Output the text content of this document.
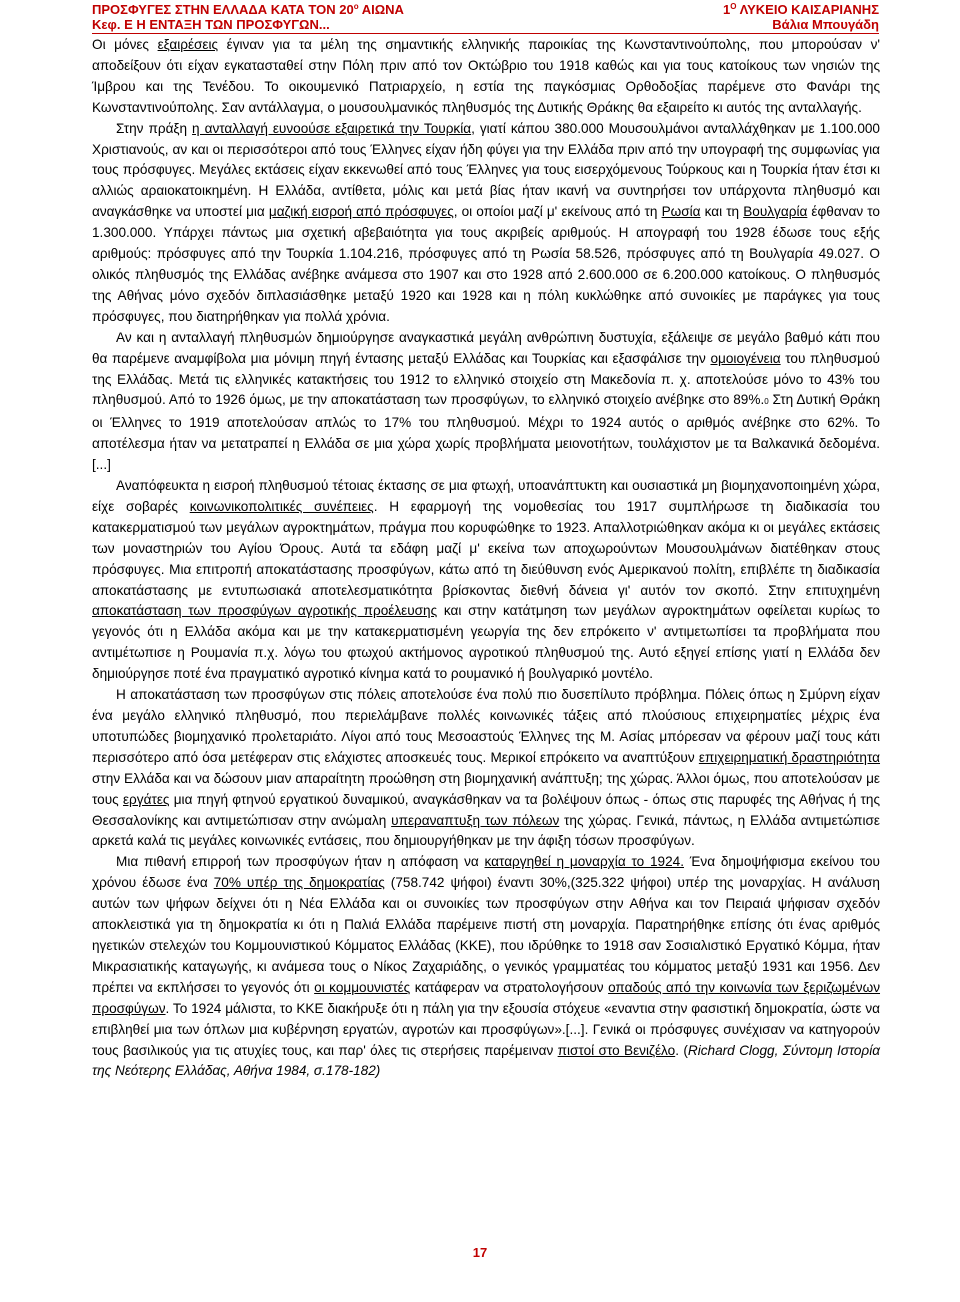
ΠΡΟΣΦΥΓΕΣ ΣΤΗΝ ΕΛΛΑΔΑ ΚΑΤΑ ΤΟΝ $20^o$ ΑΙΩΝΑ
Κεφ. Ε Η ΕΝΤΑΞΗ ΤΩΝ ΠΡΟΣΦΥΓΩΝ...
$1^O$ ΛΥΚΕΙΟ ΚΑΙΣΑΡΙΑΝΗΣ
Βάλια Μπουγάδη

Οι μόνες εξαιρέσεις έγιναν για τα μέλη της σημαντικής ελληνικής παροικίας της Κωνσταντινούπολης, που μπορούσαν ν' αποδείξουν ότι είχαν εγκατασταθεί στην Πόλη πριν από τον Οκτώβριο του 1918 καθώς και για τους κατοίκους των νησιών της Ίμβρου και της Τενέδου. Το οικουμενικό Πατριαρχείο, η εστία της παγκόσμιας Ορθοδοξίας παρέμενε στο Φανάρι της Κωνσταντινούπολης. Σαν αντάλλαγμα, ο μουσουλμανικός πληθυσμός της Δυτικής Θράκης θα εξαιρείτο κι αυτός της ανταλλαγής.

Στην πράξη η ανταλλαγή ευνοούσε εξαιρετικά την Τουρκία, γιατί κάπου 380.000 Μουσουλμάνοι ανταλλάχθηκαν με 1.100.000 Χριστιανούς, αν και οι περισσότεροι από τους Έλληνες είχαν ήδη φύγει για την Ελλάδα πριν από την υπογραφή της συμφωνίας για τους πρόσφυγες. Μεγάλες εκτάσεις είχαν εκκενωθεί από τους Έλληνες για τους εισερχόμενους Τούρκους και η Τουρκία ήταν έτσι κι αλλιώς αραιοκατοικημένη. Η Ελλάδα, αντίθετα, μόλις και μετά βίας ήταν ικανή να συντηρήσει τον υπάρχοντα πληθυσμό και αναγκάσθηκε να υποστεί μια μαζική εισροή από πρόσφυγες, οι οποίοι μαζί μ' εκείνους από τη Ρωσία και τη Βουλγαρία έφθαναν το 1.300.000. Υπάρχει πάντως μια σχετική αβεβαιότητα για τους ακριβείς αριθμούς. Η απογραφή του 1928 έδωσε τους εξής αριθμούς: πρόσφυγες από την Τουρκία 1.104.216, πρόσφυγες από τη Ρωσία 58.526, πρόσφυγες από τη Βουλγαρία 49.027. Ο ολικός πληθυσμός της Ελλάδας ανέβηκε ανάμεσα στο 1907 και στο 1928 από 2.600.000 σε 6.200.000 κατοίκους. Ο πληθυσμός της Αθήνας μόνο σχεδόν διπλασιάσθηκε μεταξύ 1920 και 1928 και η πόλη κυκλώθηκε από συνοικίες με παράγκες για τους πρόσφυγες, που διατηρήθηκαν για πολλά χρόνια.

Αν και η ανταλλαγή πληθυσμών δημιούργησε αναγκαστικά μεγάλη ανθρώπινη δυστυχία, εξάλειψε σε μεγάλο βαθμό κάτι που θα παρέμενε αναμφίβολα μια μόνιμη πηγή έντασης μεταξύ Ελλάδας και Τουρκίας και εξασφάλισε την ομοιογένεια του πληθυσμού της Ελλάδας. Μετά τις ελληνικές κατακτήσεις του 1912 το ελληνικό στοιχείο στη Μακεδονία π. χ. αποτελούσε μόνο το 43% του πληθυσμού. Από το 1926 όμως, με την αποκατάσταση των προσφύγων, το ελληνικό στοιχείο ανέβηκε στο 89%.0 Στη Δυτική Θράκη οι Έλληνες το 1919 αποτελούσαν απλώς το 17% του πληθυσμού. Μέχρι το 1924 αυτός ο αριθμός ανέβηκε στο 62%. Το αποτέλεσμα ήταν να μετατραπεί η Ελλάδα σε μια χώρα χωρίς προβλήματα μειονοτήτων, τουλάχιστον με τα Βαλκανικά δεδομένα.[...]

Αναπόφευκτα η εισροή πληθυσμού τέτοιας έκτασης σε μια φτωχή, υποανάπτυκτη και ουσιαστικά μη βιομηχανοποιημένη χώρα, είχε σοβαρές κοινωνικοπολιτικές συνέπειες. Η εφαρμογή της νομοθεσίας του 1917 συμπλήρωσε τη διαδικασία του κατακερματισμού των μεγάλων αγροκτημάτων, πράγμα που κορυφώθηκε το 1923. Απαλλοτριώθηκαν ακόμα κι οι μεγάλες εκτάσεις των μοναστηριών του Αγίου Όρους. Αυτά τα εδάφη μαζί μ' εκείνα των αποχωρούντων Μουσουλμάνων διατέθηκαν στους πρόσφυγες. Μια επιτροπή αποκατάστασης προσφύγων, κάτω από τη διεύθυνση ενός Αμερικανού πολίτη, επιβλέπε τη διαδικασία αποκατάστασης με εντυπωσιακά αποτελεσματικότητα βρίσκοντας διεθνή δάνεια γι' αυτόν τον σκοπό. Στην επιτυχημένη αποκατάσταση των προσφύγων αγροτικής προέλευσης και στην κατάτμηση των μεγάλων αγροκτημάτων οφείλεται κυρίως το γεγονός ότι η Ελλάδα ακόμα και με την κατακερματισμένη γεωργία της δεν επρόκειτο ν' αντιμετωπίσει τα προβλήματα που αντιμέτωπισε η Ρουμανία π.χ. λόγω του φτωχού ακτήμονος αγροτικού πληθυσμού της. Αυτό εξηγεί επίσης γιατί η Ελλάδα δεν δημιούργησε ποτέ ένα πραγματικό αγροτικό κίνημα κατά το ρουμανικό ή βουλγαρικό μοντέλο.

Η αποκατάσταση των προσφύγων στις πόλεις αποτελούσε ένα πολύ πιο δυσεπίλυτο πρόβλημα. Πόλεις όπως η Σμύρνη είχαν ένα μεγάλο ελληνικό πληθυσμό, που περιελάμβανε πολλές κοινωνικές τάξεις από πλούσιους επιχειρηματίες μέχρις ένα υποτυπώδες βιομηχανικό προλεταριάτο. Λίγοι από τους Μεσοαστούς Έλληνες της Μ. Ασίας μπόρεσαν να φέρουν μαζί τους κάτι περισσότερο από όσα μετέφεραν στις ελάχιστες αποσκευές τους. Μερικοί επρόκειτο να αναπτύξουν επιχειρηματική δραστηριότητα στην Ελλάδα και να δώσουν μιαν απαραίτητη προώθηση στη βιομηχανική ανάπτυξη; της χώρας. Άλλοι όμως, που αποτελούσαν με τους εργάτες μια πηγή φτηνού εργατικού δυναμικού, αναγκάσθηκαν να τα βολέψουν όπως - όπως στις παρυφές της Αθήνας ή της Θεσσαλονίκης και αντιμετώπισαν στην ανώμαλη υπεραναπτυξη των πόλεων της χώρας. Γενικά, πάντως, η Ελλάδα αντιμετώπισε αρκετά καλά τις μεγάλες κοινωνικές εντάσεις, που δημιουργήθηκαν με την άφιξη τόσων προσφύγων.

Μια πιθανή επιρροή των προσφύγων ήταν η απόφαση να καταργηθεί η μοναρχία το 1924. Ένα δημοψήφισμα εκείνου του χρόνου έδωσε ένα 70% υπέρ της δημοκρατίας (758.742 ψήφοι) έναντι 30%,(325.322 ψήφοι) υπέρ της μοναρχίας. Η ανάλυση αυτών των ψήφων δείχνει ότι η Νέα Ελλάδα και οι συνοικίες των προσφύγων στην Αθήνα και τον Πειραιά ψήφισαν σχεδόν αποκλειστικά για τη δημοκρατία κι ότι η Παλιά Ελλάδα παρέμεινε πιστή στη μοναρχία. Παρατηρήθηκε επίσης ότι ένας αριθμός ηγετικών στελεχών του Κομμουνιστικού Κόμματος Ελλάδας (ΚΚΕ), που ιδρύθηκε το 1918 σαν Σοσιαλιστικό Εργατικό Κόμμα, ήταν Μικρασιατικής καταγωγής, κι ανάμεσα τους ο Νίκος Ζαχαριάδης, ο γενικός γραμματέας του κόμματος μεταξύ 1931 και 1956. Δεν πρέπει να εκπλήσσει το γεγονός ότι οι κομμουνιστές κατάφεραν να στρατολογήσουν οπαδούς από την κοινωνία των ξεριζωμένων προσφύγων. Το 1924 μάλιστα, το ΚΚΕ διακήρυξε ότι η πάλη για την εξουσία στόχευε «εναντια στην φασιστική δημοκρατία, ώστε να επιβληθεί μια των όπλων μια κυβέρνηση εργατών, αγροτών και προσφύγων».[...]. Γενικά οι πρόσφυγες συνέχισαν να κατηγορούν τους βασιλικούς για τις ατυχίες τους, και παρ' όλες τις στερήσεις παρέμειναν πιστοί στο Βενιζέλο. (Richard Clogg, Σύντομη Ιστορία της Νεότερης Ελλάδας, Αθήνα 1984, σ.178-182)

17
